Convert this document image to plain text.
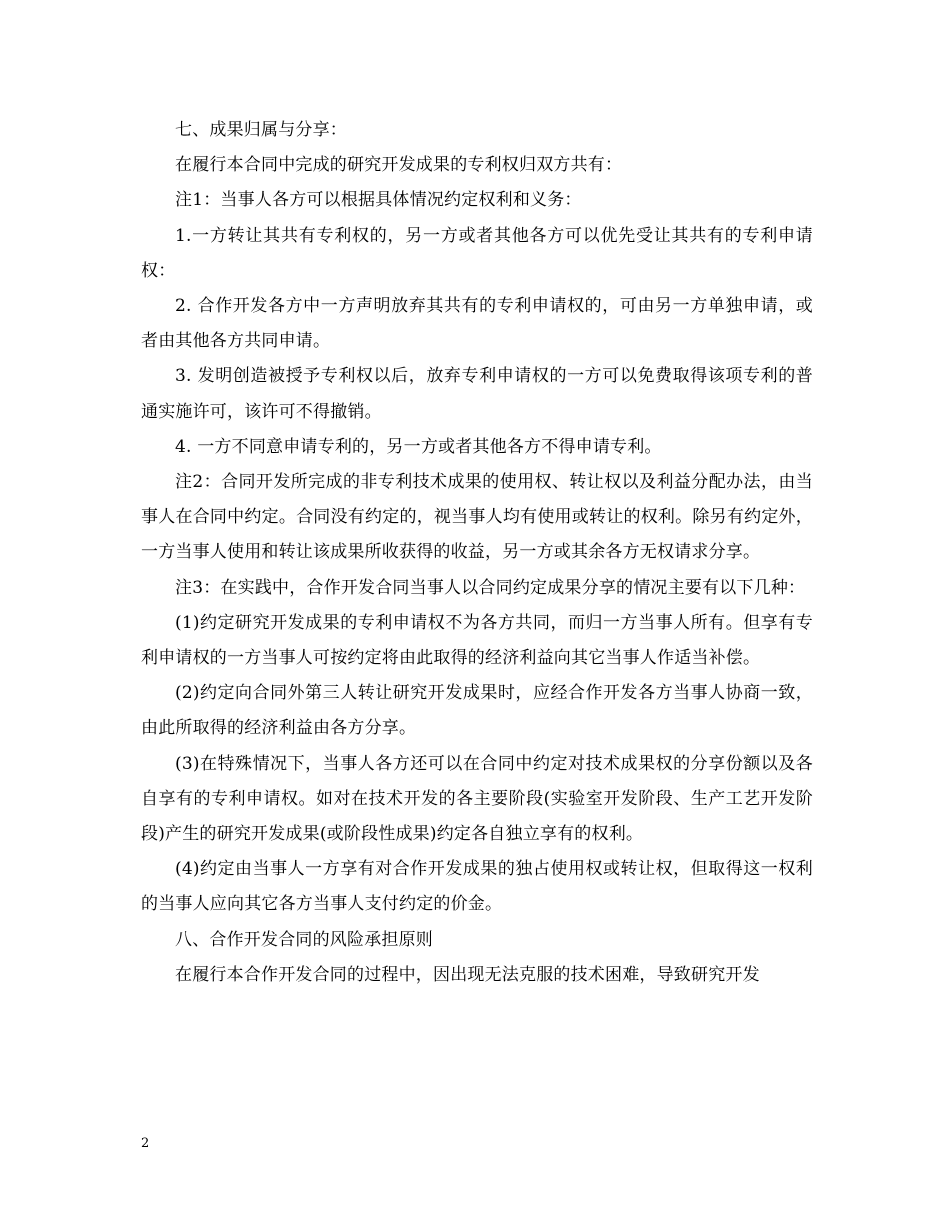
七、成果归属与分享：

在履行本合同中完成的研究开发成果的专利权归双方共有：

注1：当事人各方可以根据具体情况约定权利和义务：

1.一方转让其共有专利权的，另一方或者其他各方可以优先受让其共有的专利申请权：

2. 合作开发各方中一方声明放弃其共有的专利申请权的，可由另一方单独申请，或者由其他各方共同申请。

3. 发明创造被授予专利权以后，放弃专利申请权的一方可以免费取得该项专利的普通实施许可，该许可不得撤销。

4. 一方不同意申请专利的，另一方或者其他各方不得申请专利。

注2：合同开发所完成的非专利技术成果的使用权、转让权以及利益分配办法，由当事人在合同中约定。合同没有约定的，视当事人均有使用或转让的权利。除另有约定外，一方当事人使用和转让该成果所收获得的收益，另一方或其余各方无权请求分享。

注3：在实践中，合作开发合同当事人以合同约定成果分享的情况主要有以下几种：

(1)约定研究开发成果的专利申请权不为各方共同，而归一方当事人所有。但享有专利申请权的一方当事人可按约定将由此取得的经济利益向其它当事人作适当补偿。

(2)约定向合同外第三人转让研究开发成果时，应经合作开发各方当事人协商一致，由此所取得的经济利益由各方分享。

(3)在特殊情况下，当事人各方还可以在合同中约定对技术成果权的分享份额以及各自享有的专利申请权。如对在技术开发的各主要阶段(实验室开发阶段、生产工艺开发阶段)产生的研究开发成果(或阶段性成果)约定各自独立享有的权利。

(4)约定由当事人一方享有对合作开发成果的独占使用权或转让权，但取得这一权利的当事人应向其它各方当事人支付约定的价金。

八、合作开发合同的风险承担原则

在履行本合作开发合同的过程中，因出现无法克服的技术困难，导致研究开发

2
